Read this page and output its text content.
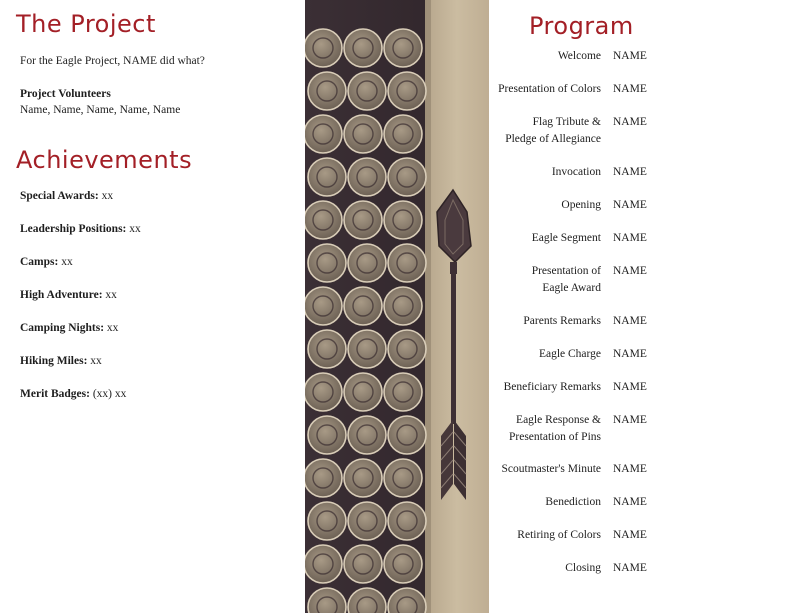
The Project
For the Eagle Project, NAME did what?
Project Volunteers
Name, Name, Name, Name, Name
Achievements
Special Awards: xx
Leadership Positions: xx
Camps: xx
High Adventure: xx
Camping Nights: xx
Hiking Miles: xx
Merit Badges: (xx) xx
Program
Welcome NAME
Presentation of Colors NAME
Flag Tribute &
Pledge of Allegiance
NAME
Invocation NAME
Opening NAME
Eagle Segment NAME
Presentation of
Eagle Award
NAME
Parents Remarks NAME
Eagle Charge NAME
Beneficiary Remarks NAME
Eagle Response &
Presentation of Pins
NAME
Scoutmaster's Minute NAME
Benediction NAME
Retiring of Colors NAME
Closing NAME
